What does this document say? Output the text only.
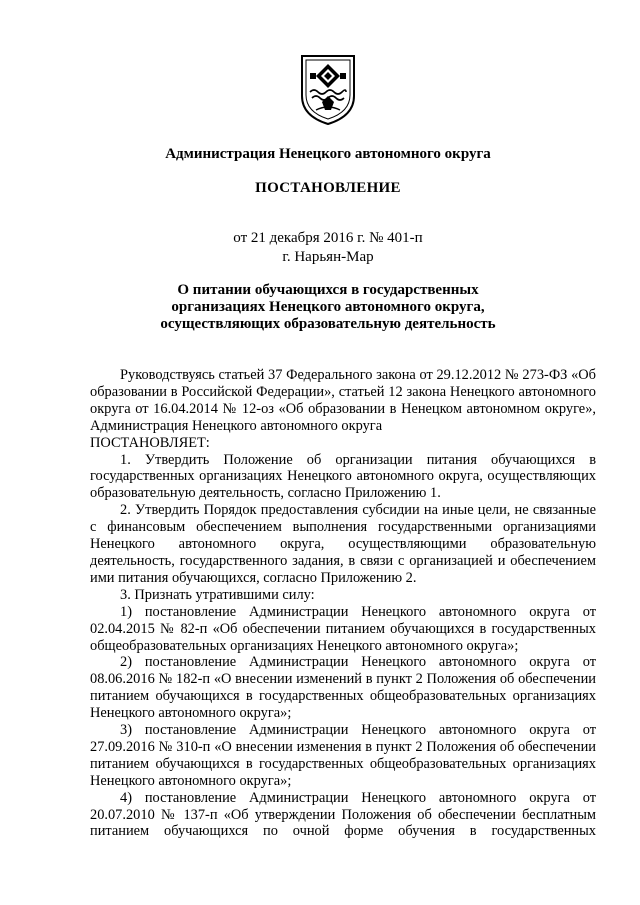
Администрация Ненецкого автономного округа
ПОСТАНОВЛЕНИЕ
от 21 декабря 2016 г. № 401-п
г. Нарьян-Мар
О питании обучающихся в государственных
организациях Ненецкого автономного округа,
осуществляющих образовательную деятельность

Руководствуясь статьей 37 Федерального закона от 29.12.2012 № 273-ФЗ «Об образовании в Российской Федерации», статьей 12 закона Ненецкого автономного округа от 16.04.2014 № 12-оз «Об образовании в Ненецком автономном округе», Администрация Ненецкого автономного округа

ПОСТАНОВЛЯЕТ:

1. Утвердить Положение об организации питания обучающихся в государственных организациях Ненецкого автономного округа, осуществляющих образовательную деятельность, согласно Приложению 1.

2. Утвердить Порядок предоставления субсидии на иные цели, не связанные с финансовым обеспечением выполнения государственными организациями Ненецкого автономного округа, осуществляющими образовательную деятельность, государственного задания, в связи с организацией и обеспечением ими питания обучающихся, согласно Приложению 2.

3. Признать утратившими силу:

1) постановление Администрации Ненецкого автономного округа от 02.04.2015 № 82-п «Об обеспечении питанием обучающихся в государственных общеобразовательных организациях Ненецкого автономного округа»;

2) постановление Администрации Ненецкого автономного округа от 08.06.2016 № 182-п «О внесении изменений в пункт 2 Положения об обеспечении питанием обучающихся в государственных общеобразовательных организациях Ненецкого автономного округа»;

3) постановление Администрации Ненецкого автономного округа от 27.09.2016 № 310-п «О внесении изменения в пункт 2 Положения об обеспечении питанием обучающихся в государственных общеобразовательных организациях Ненецкого автономного округа»;

4) постановление Администрации Ненецкого автономного округа от 20.07.2010 № 137-п «Об утверждении Положения об обеспечении бесплатным питанием обучающихся по очной форме обучения в государственных
